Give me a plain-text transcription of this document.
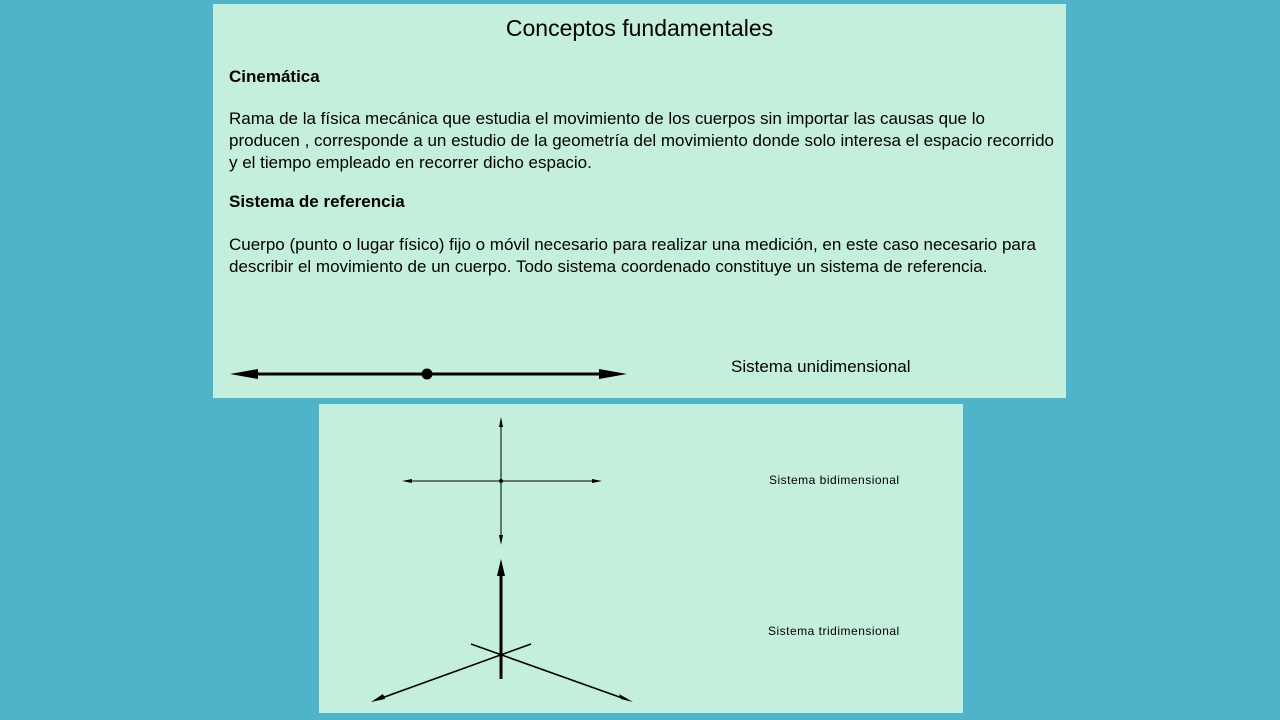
Conceptos fundamentales
Cinemática
Rama de la física mecánica que estudia el movimiento de los cuerpos sin importar las causas que lo producen , corresponde a un estudio de la geometría del movimiento donde solo interesa el espacio recorrido y el tiempo empleado en recorrer dicho espacio.
Sistema de referencia
Cuerpo (punto o lugar físico) fijo o móvil necesario para realizar una medición, en este caso necesario para describir el movimiento de un cuerpo. Todo sistema coordenado constituye un sistema de referencia.
Sistema unidimensional
Sistema bidimensional
Sistema tridimensional
